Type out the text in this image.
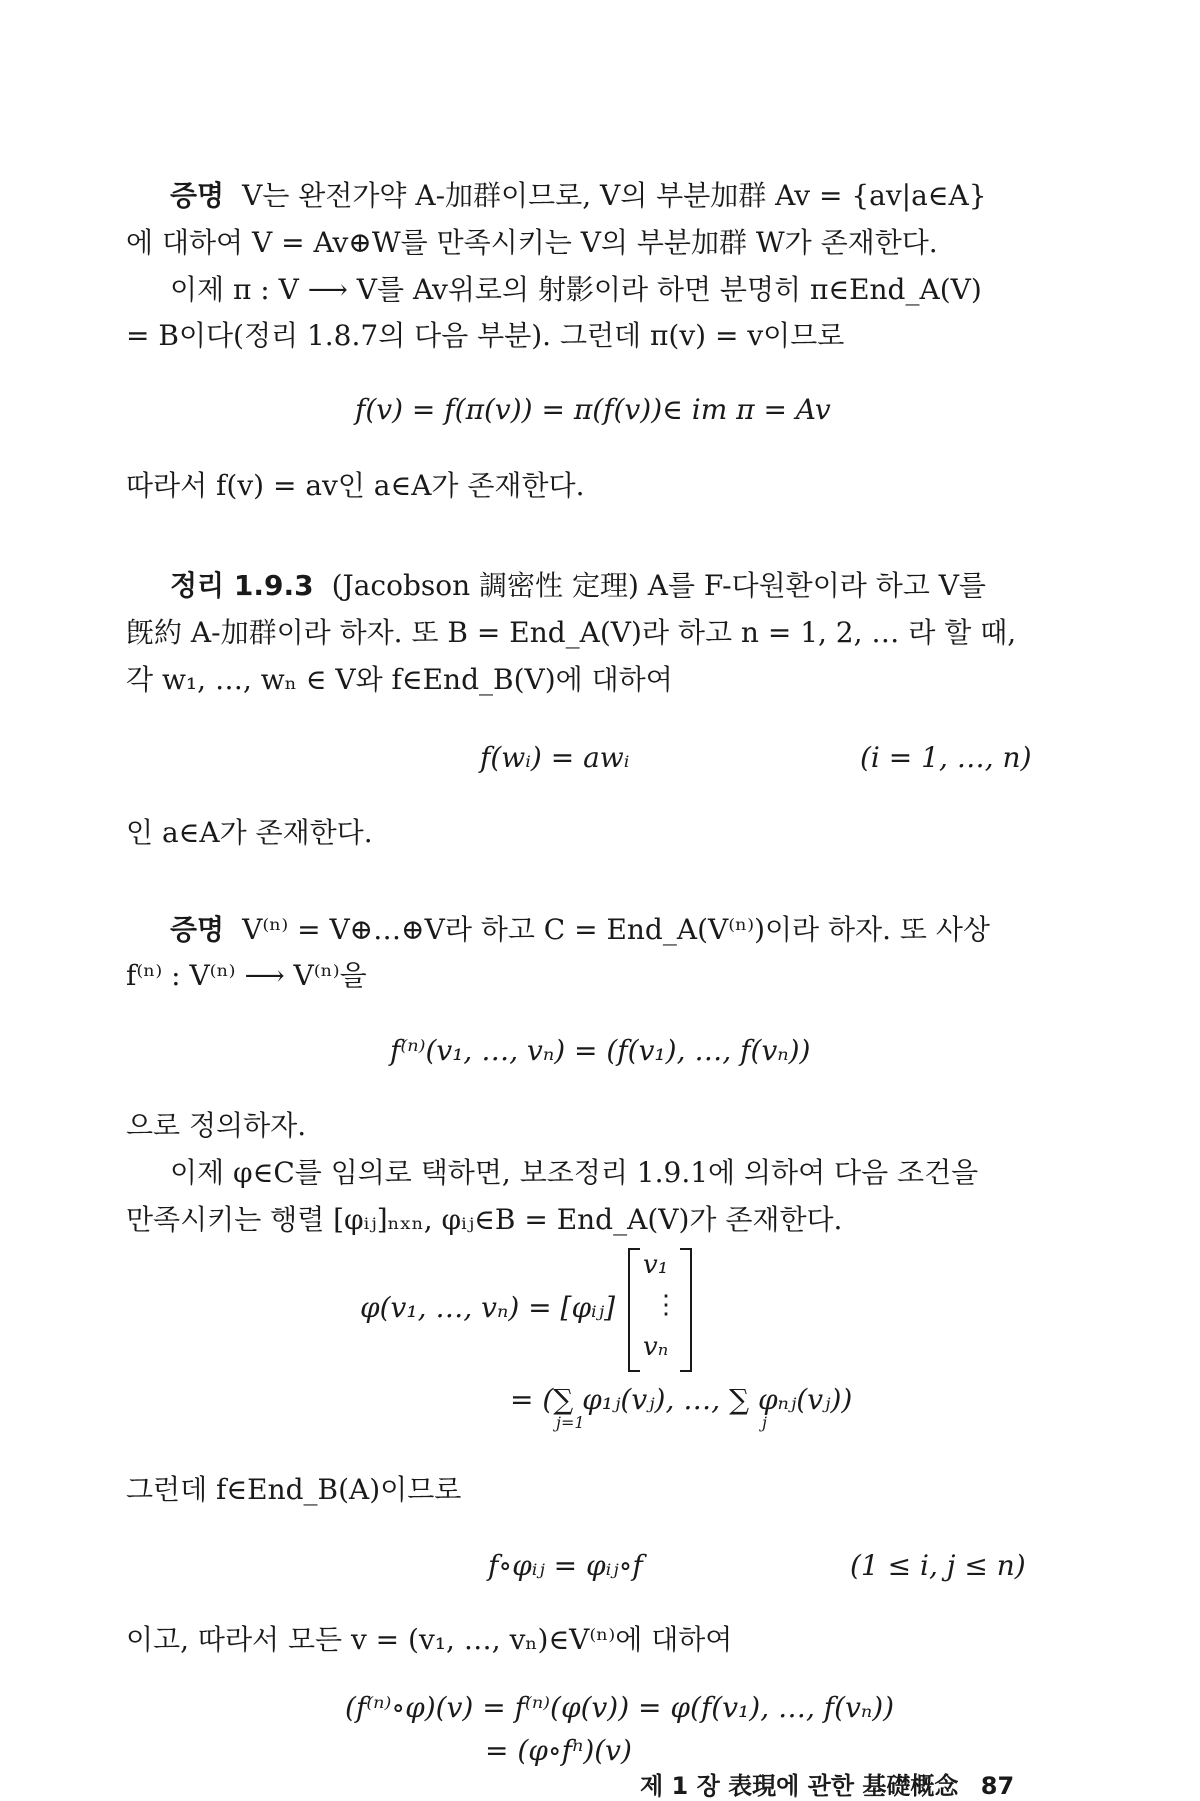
증명 V는 완전가약 A-加群이므로, V의 부분加群 Av = {av|a∈A}
에 대하여 V = Av⊕W를 만족시키는 V의 부분加群 W가 존재한다.
이제 π : V ⟶ V를 Av위로의 射影이라 하면 분명히 π∈End_A(V)
= B이다(정리 1.8.7의 다음 부분). 그런데 π(v) = v이므로
f(v) = f(π(v)) = π(f(v))∈ im π = Av
따라서 f(v) = av인 a∈A가 존재한다.
정리 1.9.3 (Jacobson 調密性 定理) A를 F-다원환이라 하고 V를
旣約 A-加群이라 하자. 또 B = End_A(V)라 하고 n = 1, 2, … 라 할 때,
각 w₁, …, wₙ ∈ V와 f∈End_B(V)에 대하여
f(wᵢ) = awᵢ	(i = 1, …, n)
인 a∈A가 존재한다.
증명 V⁽ⁿ⁾ = V⊕…⊕V라 하고 C = End_A(V⁽ⁿ⁾)이라 하자. 또 사상
f⁽ⁿ⁾ : V⁽ⁿ⁾ ⟶ V⁽ⁿ⁾을
f⁽ⁿ⁾(v₁, …, vₙ) = (f(v₁), …, f(vₙ))
으로 정의하자.
이제 φ∈C를 임의로 택하면, 보조정리 1.9.1에 의하여 다음 조건을
만족시키는 행렬 [φᵢⱼ]ₙₓₙ, φᵢⱼ∈B = End_A(V)가 존재한다.
φ(v₁, …, vₙ) = [φᵢⱼ]
v₁
⋮
vₙ
= (∑ φ₁ⱼ(vⱼ), …, ∑ φₙⱼ(vⱼ))
j=1	j
그런데 f∈End_B(A)이므로
f∘φᵢⱼ = φᵢⱼ∘f	(1 ≤ i, j ≤ n)
이고, 따라서 모든 v = (v₁, …, vₙ)∈V⁽ⁿ⁾에 대하여
(f⁽ⁿ⁾∘φ)(v) = f⁽ⁿ⁾(φ(v)) = φ(f(v₁), …, f(vₙ))
= (φ∘fⁿ)(v)
제 1 장 表現에 관한 基礎概念 87
